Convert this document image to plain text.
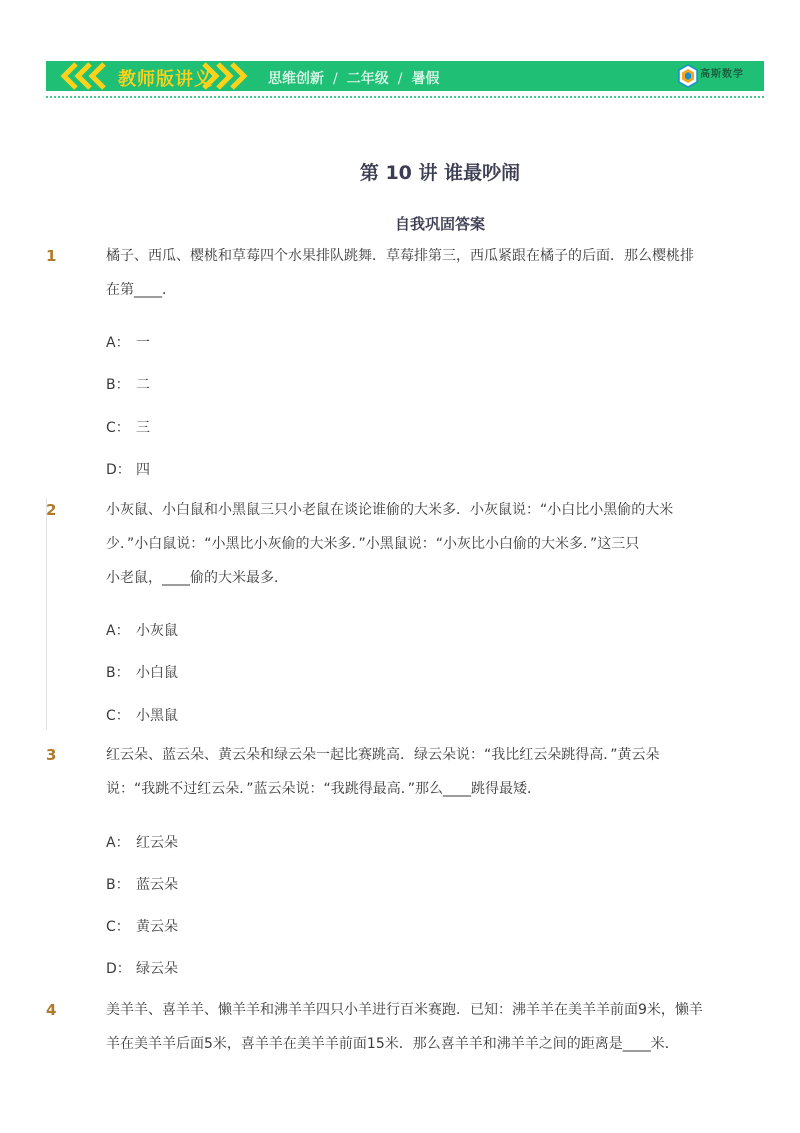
教师版讲义	思维创新 / 二年级 / 暑假	高斯数学
第 10 讲 谁最吵闹
自我巩固答案
1	橘子、西瓜、樱桃和草莓四个水果排队跳舞．草莓排第三，西瓜紧跟在橘子的后面．那么樱桃排
在第____．
A： 一
B： 二
C： 三
D： 四
2	小灰鼠、小白鼠和小黑鼠三只小老鼠在谈论谁偷的大米多．小灰鼠说：“小白比小黑偷的大米
少．”小白鼠说：“小黑比小灰偷的大米多．”小黑鼠说：“小灰比小白偷的大米多．”这三只
小老鼠，____偷的大米最多．
A： 小灰鼠
B： 小白鼠
C： 小黑鼠
3	红云朵、蓝云朵、黄云朵和绿云朵一起比赛跳高．绿云朵说：“我比红云朵跳得高．”黄云朵
说：“我跳不过红云朵．”蓝云朵说：“我跳得最高．”那么____跳得最矮．
A： 红云朵
B： 蓝云朵
C： 黄云朵
D： 绿云朵
4	美羊羊、喜羊羊、懒羊羊和沸羊羊四只小羊进行百米赛跑．已知：沸羊羊在美羊羊前面9米，懒羊
羊在美羊羊后面5米，喜羊羊在美羊羊前面15米．那么喜羊羊和沸羊羊之间的距离是____米．
